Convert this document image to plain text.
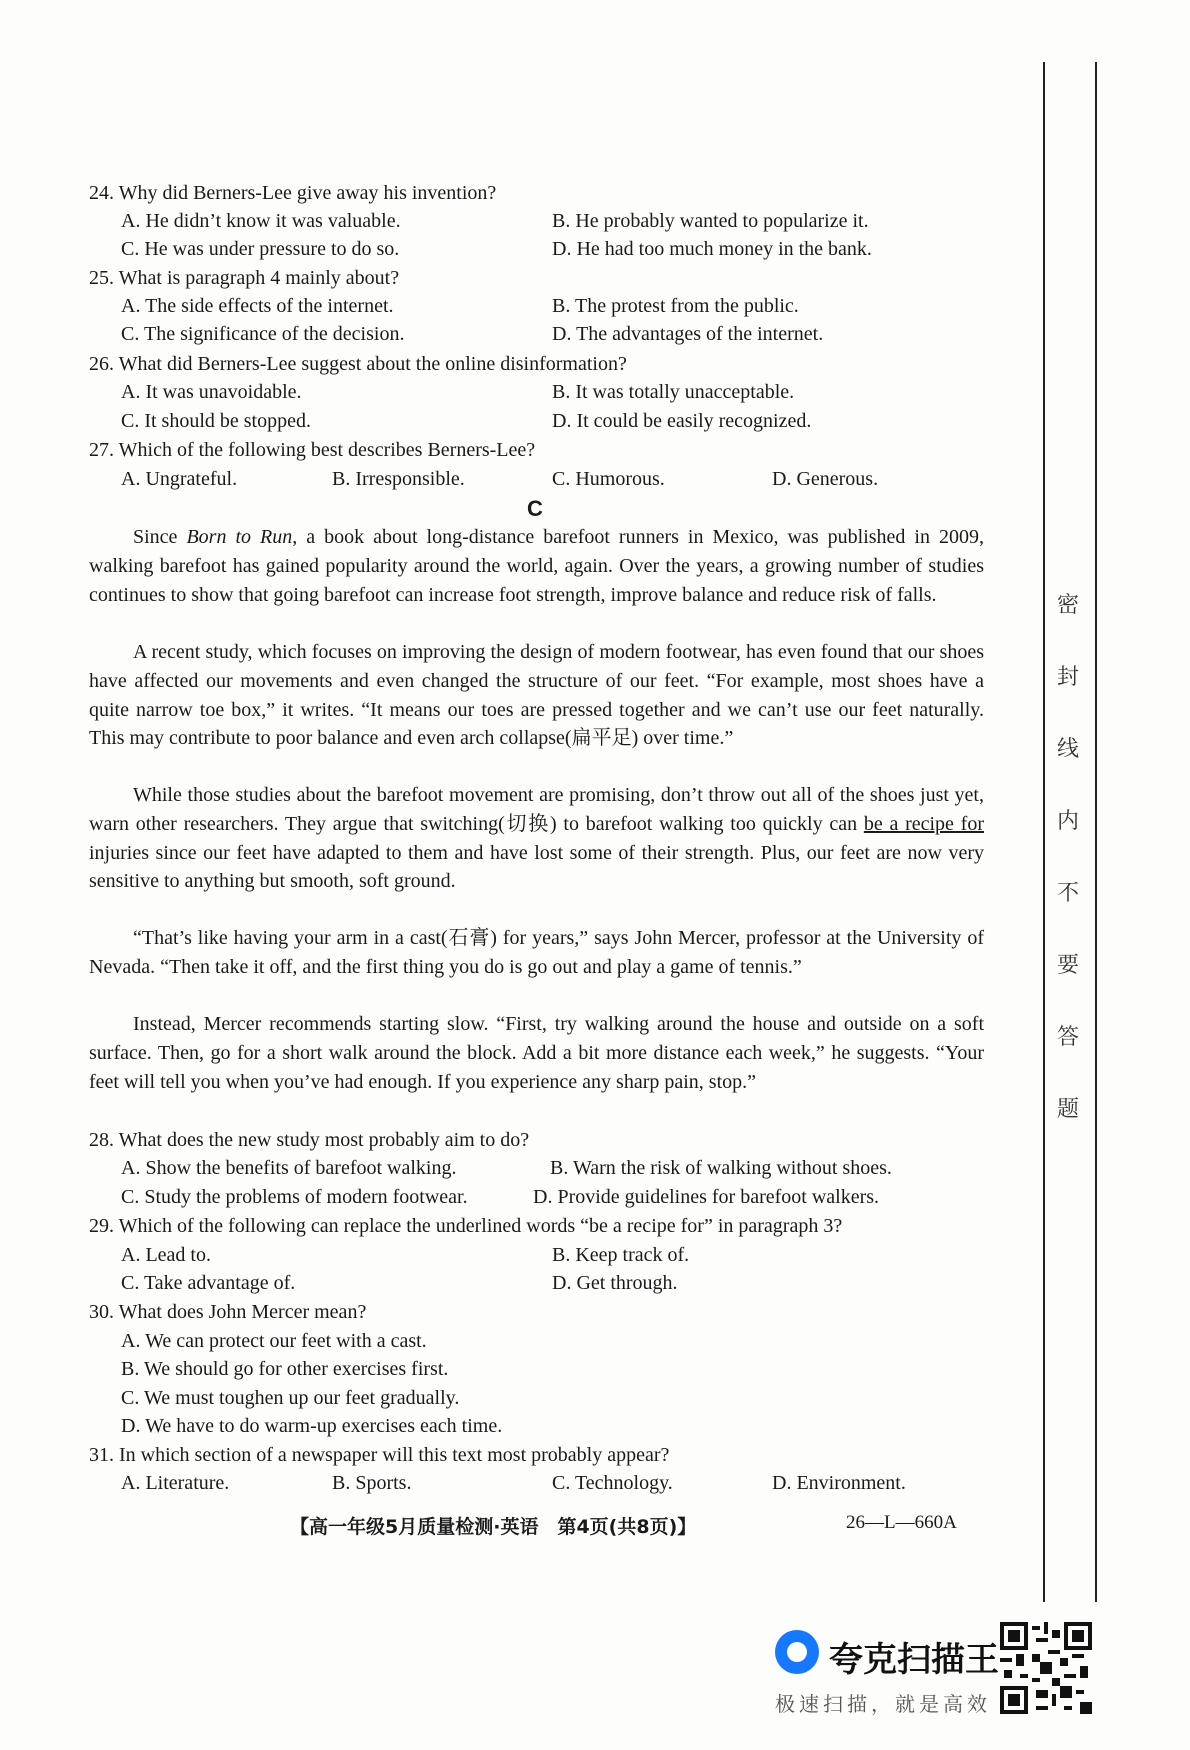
24. Why did Berners-Lee give away his invention?
A. He didn’t know it was valuable.	B. He probably wanted to popularize it.
C. He was under pressure to do so.	D. He had too much money in the bank.
25. What is paragraph 4 mainly about?
A. The side effects of the internet.	B. The protest from the public.
C. The significance of the decision.	D. The advantages of the internet.
26. What did Berners-Lee suggest about the online disinformation?
A. It was unavoidable.	B. It was totally unacceptable.
C. It should be stopped.	D. It could be easily recognized.
27. Which of the following best describes Berners-Lee?
A. Ungrateful.	B. Irresponsible.	C. Humorous.	D. Generous.
C
Since Born to Run, a book about long-distance barefoot runners in Mexico, was published in 2009, walking barefoot has gained popularity around the world, again. Over the years, a growing number of studies continues to show that going barefoot can increase foot strength, improve balance and reduce risk of falls.
A recent study, which focuses on improving the design of modern footwear, has even found that our shoes have affected our movements and even changed the structure of our feet. “For example, most shoes have a quite narrow toe box,” it writes. “It means our toes are pressed together and we can’t use our feet naturally. This may contribute to poor balance and even arch collapse(扁平足) over time.”
While those studies about the barefoot movement are promising, don’t throw out all of the shoes just yet, warn other researchers. They argue that switching(切换) to barefoot walking too quickly can be a recipe for injuries since our feet have adapted to them and have lost some of their strength. Plus, our feet are now very sensitive to anything but smooth, soft ground.
“That’s like having your arm in a cast(石膏) for years,” says John Mercer, professor at the University of Nevada. “Then take it off, and the first thing you do is go out and play a game of tennis.”
Instead, Mercer recommends starting slow. “First, try walking around the house and outside on a soft surface. Then, go for a short walk around the block. Add a bit more distance each week,” he suggests. “Your feet will tell you when you’ve had enough. If you experience any sharp pain, stop.”
28. What does the new study most probably aim to do?
A. Show the benefits of barefoot walking.	B. Warn the risk of walking without shoes.
C. Study the problems of modern footwear.	D. Provide guidelines for barefoot walkers.
29. Which of the following can replace the underlined words “be a recipe for” in paragraph 3?
A. Lead to.	B. Keep track of.
C. Take advantage of.	D. Get through.
30. What does John Mercer mean?
A. We can protect our feet with a cast.
B. We should go for other exercises first.
C. We must toughen up our feet gradually.
D. We have to do warm-up exercises each time.
31. In which section of a newspaper will this text most probably appear?
A. Literature.	B. Sports.	C. Technology.	D. Environment.
【高一年级5月质量检测·英语　第4页(共8页)】	26—L—660A
密
封
线
内
不
要
答
题
夸克扫描王
极速扫描，就是高效
